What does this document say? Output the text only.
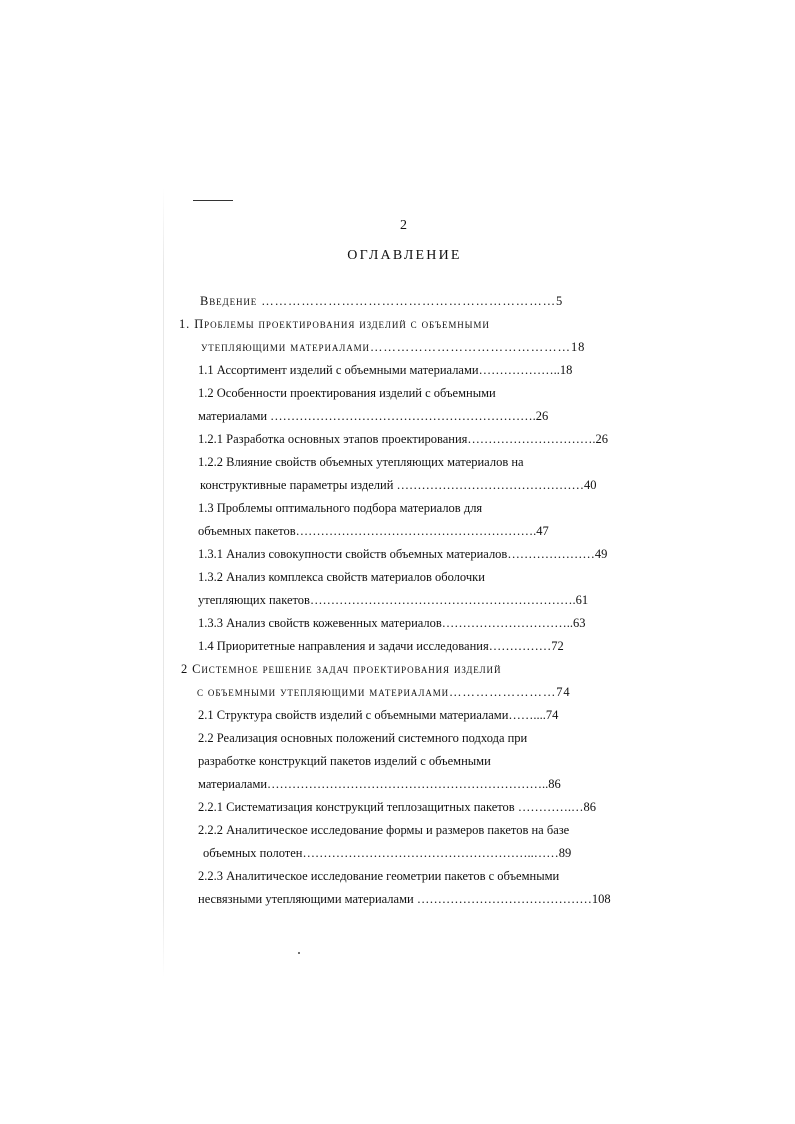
2
ОГЛАВЛЕНИЕ
Введение …………………………………………………………5
1. Проблемы проектирования изделий с объемными
утепляющими материалами………………………………………18
1.1 Ассортимент изделий с объемными материалами………………..18
1.2 Особенности проектирования изделий с объемными
материалами ……………………………………………………….26
1.2.1 Разработка основных этапов проектирования………………………….26
1.2.2 Влияние свойств объемных утепляющих материалов на
конструктивные параметры изделий ………………………………………40
1.3 Проблемы оптимального подбора материалов для
объемных пакетов………………………………………………….47
1.3.1 Анализ совокупности свойств объемных материалов…………………49
1.3.2 Анализ комплекса свойств материалов оболочки
утепляющих пакетов……………………………………………………….61
1.3.3 Анализ свойств кожевенных материалов…………………………..63
1.4 Приоритетные направления и задачи исследования……………72
2 Системное решение задач проектирования изделий
с объемными утепляющими материалами……………………74
2.1 Структура свойств изделий с объемными материалами……....74
2.2 Реализация основных положений системного подхода при
разработке конструкций пакетов изделий с объемными
материалами…………………………………………………………..86
2.2.1 Систематизация конструкций теплозащитных пакетов ………….…86
2.2.2 Аналитическое исследование формы и размеров пакетов на базе
объемных полотен………………………………………………..……89
2.2.3 Аналитическое исследование геометрии пакетов с объемными
несвязными утепляющими материалами ……………………………………108
